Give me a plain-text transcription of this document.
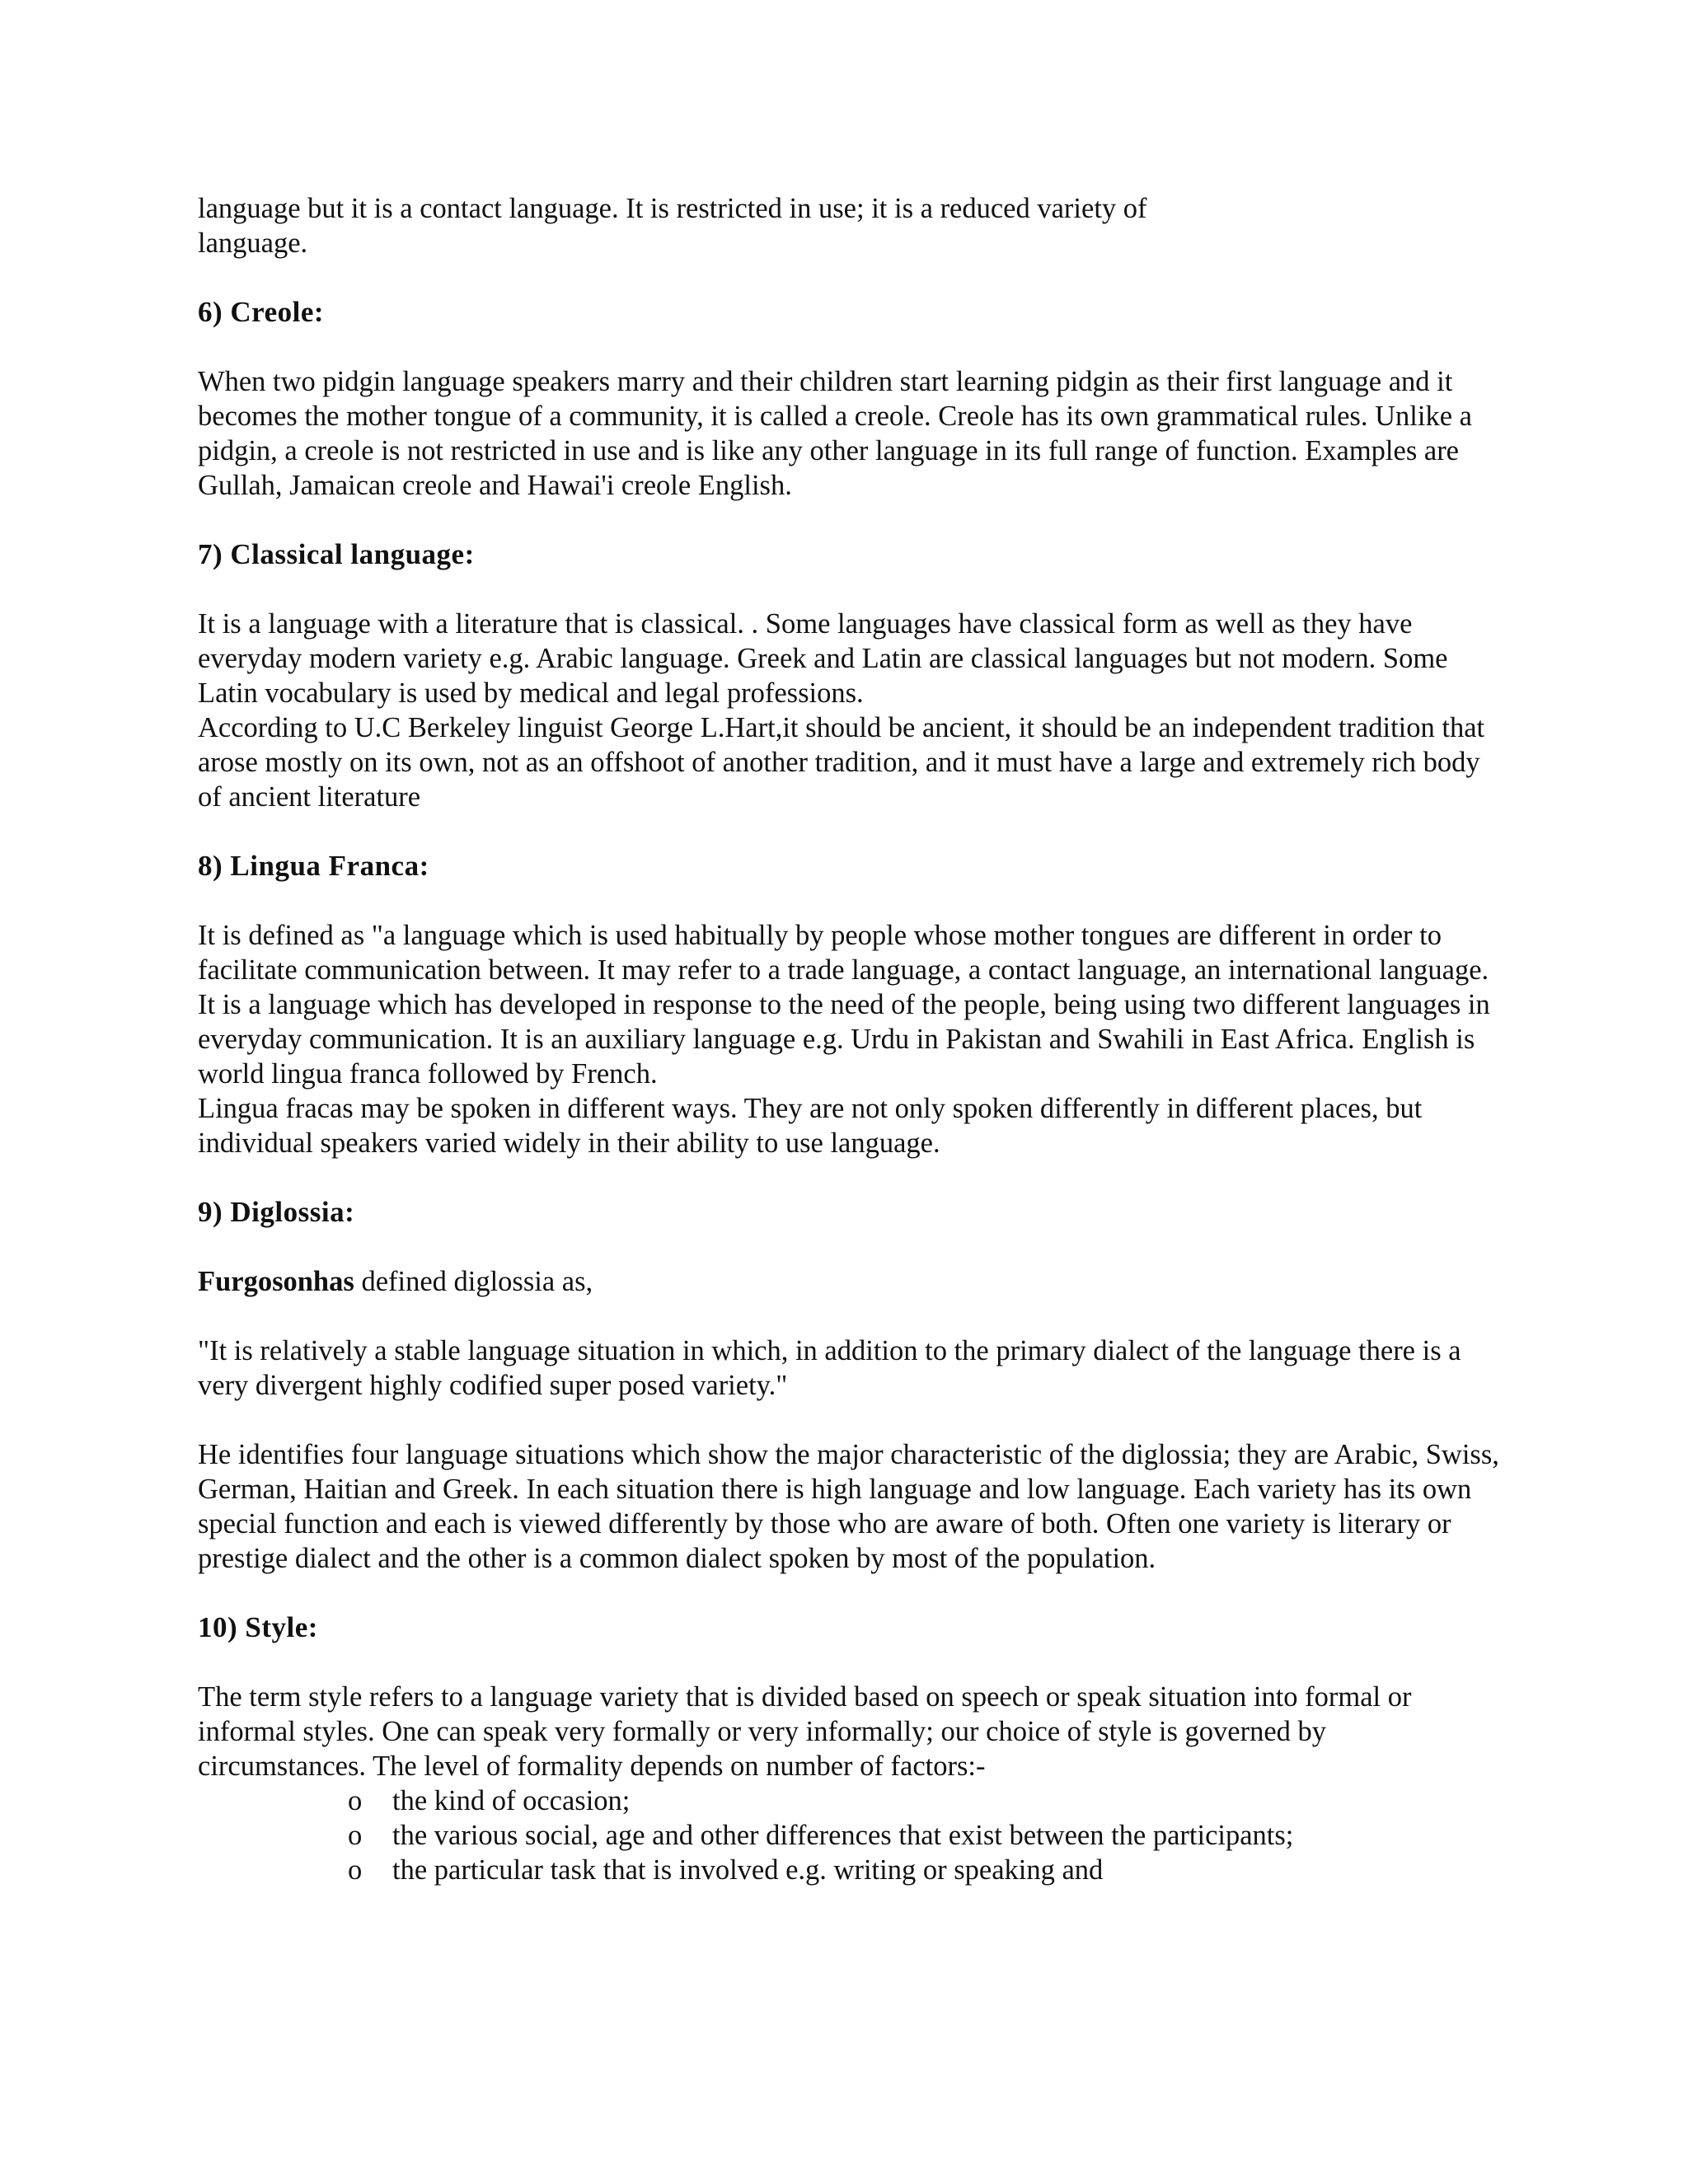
language but it is a contact language. It is restricted in use; it is a reduced variety of
language.

6) Creole:

When two pidgin language speakers marry and their children start learning pidgin as their first language and it becomes the mother tongue of a community, it is called a creole. Creole has its own grammatical rules. Unlike a pidgin, a creole is not restricted in use and is like any other language in its full range of function. Examples are Gullah, Jamaican creole and Hawai'i creole English.

7) Classical language:

It is a language with a literature that is classical. . Some languages have classical form as well as they have everyday modern variety e.g. Arabic language. Greek and Latin are classical languages but not modern. Some Latin vocabulary is used by medical and legal professions.

According to U.C Berkeley linguist George L.Hart,it should be ancient, it should be an independent tradition that arose mostly on its own, not as an offshoot of another tradition, and it must have a large and extremely rich body of ancient literature

8) Lingua Franca:

It is defined as "a language which is used habitually by people whose mother tongues are different in order to facilitate communication between. It may refer to a trade language, a contact language, an international language. It is a language which has developed in response to the need of the people, being using two different languages in everyday communication. It is an auxiliary language e.g. Urdu in Pakistan and Swahili in East Africa. English is world lingua franca followed by French.

Lingua fracas may be spoken in different ways. They are not only spoken differently in different places, but individual speakers varied widely in their ability to use language.

9) Diglossia:

Furgosonhas defined diglossia as,

"It is relatively a stable language situation in which, in addition to the primary dialect of the language there is a very divergent highly codified super posed variety."

He identifies four language situations which show the major characteristic of the diglossia; they are Arabic, Swiss, German, Haitian and Greek. In each situation there is high language and low language. Each variety has its own special function and each is viewed differently by those who are aware of both. Often one variety is literary or prestige dialect and the other is a common dialect spoken by most of the population.

10) Style:

The term style refers to a language variety that is divided based on speech or speak situation into formal or informal styles. One can speak very formally or very informally; our choice of style is governed by circumstances. The level of formality depends on number of factors:-

o the kind of occasion;
o the various social, age and other differences that exist between the participants;
o the particular task that is involved e.g. writing or speaking and
